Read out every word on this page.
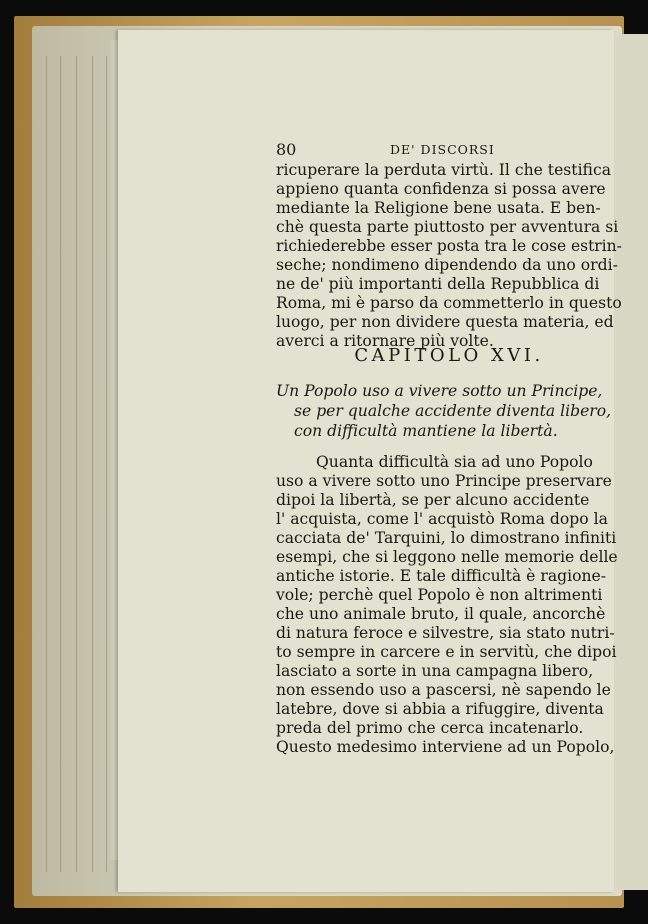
80	DE' DISCORSI
ricuperare la perduta virtù. Il che testifica
appieno quanta confidenza si possa avere
mediante la Religione bene usata. E ben-
chè questa parte piuttosto per avventura si
richiederebbe esser posta tra le cose estrin-
seche; nondimeno dipendendo da uno ordi-
ne de' più importanti della Repubblica di
Roma, mi è parso da commetterlo in questo
luogo, per non dividere questa materia, ed
averci a ritornare più volte.
CAPITOLO XVI.
Un Popolo uso a vivere sotto un Principe,
se per qualche accidente diventa libero,
con difficultà mantiene la libertà.
Quanta difficultà sia ad uno Popolo
uso a vivere sotto uno Principe preservare
dipoi la libertà, se per alcuno accidente
l' acquista, come l' acquistò Roma dopo la
cacciata de' Tarquini, lo dimostrano infiniti
esempi, che si leggono nelle memorie delle
antiche istorie. E tale difficultà è ragione-
vole; perchè quel Popolo è non altrimenti
che uno animale bruto, il quale, ancorchè
di natura feroce e silvestre, sia stato nutri-
to sempre in carcere e in servitù, che dipoi
lasciato a sorte in una campagna libero,
non essendo uso a pascersi, nè sapendo le
latebre, dove si abbia a rifuggire, diventa
preda del primo che cerca incatenarlo.
Questo medesimo interviene ad un Popolo,
